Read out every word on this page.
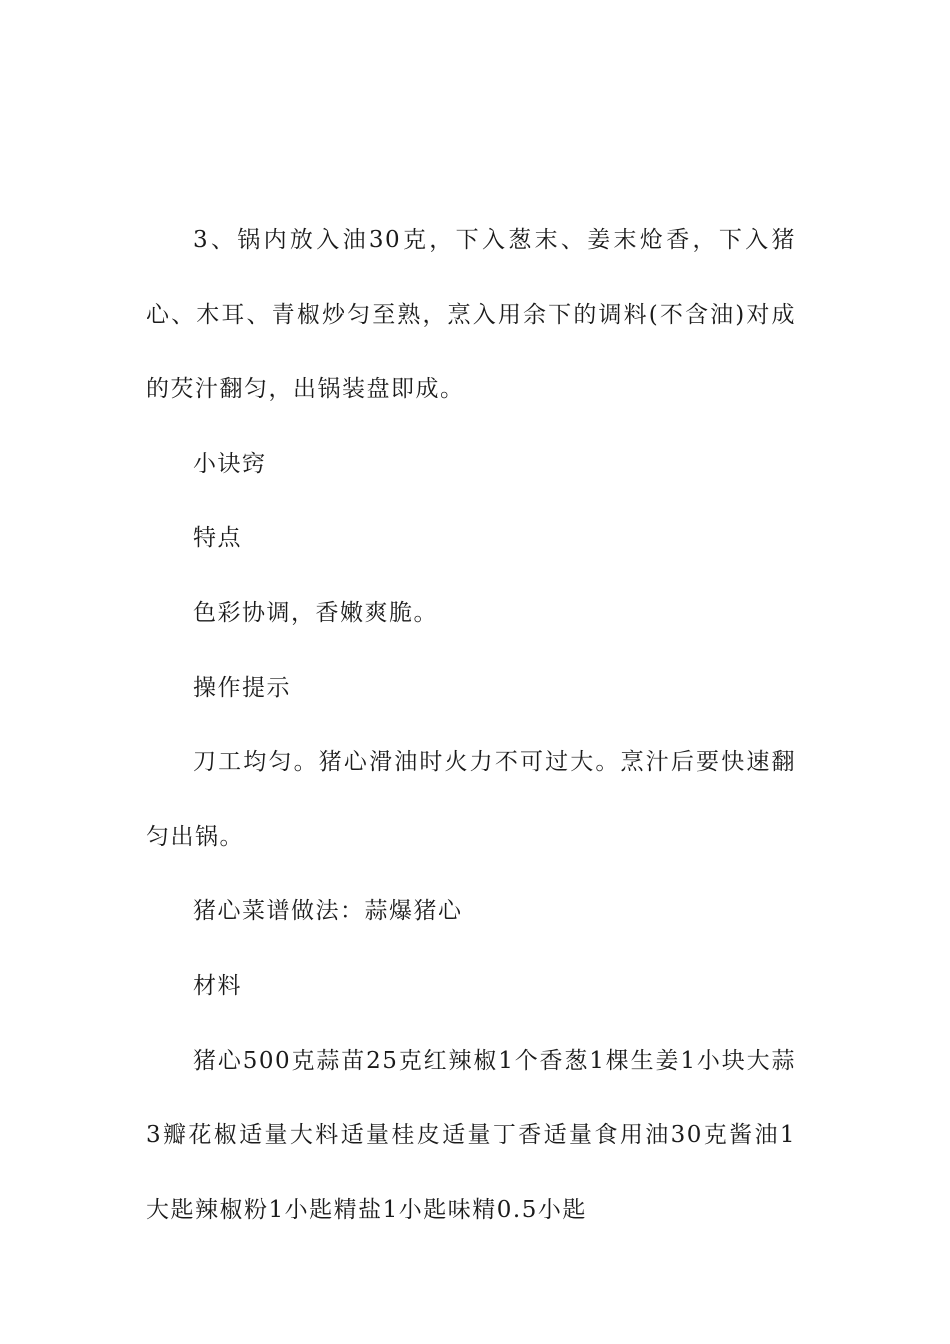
3、锅内放入油30克，下入葱末、姜末炝香，下入猪心、木耳、青椒炒匀至熟，烹入用余下的调料(不含油)对成的芡汁翻匀，出锅装盘即成。

小诀窍

特点

色彩协调，香嫩爽脆。

操作提示

刀工均匀。猪心滑油时火力不可过大。烹汁后要快速翻匀出锅。

猪心菜谱做法：蒜爆猪心

材料

猪心500克蒜苗25克红辣椒1个香葱1棵生姜1小块大蒜3瓣花椒适量大料适量桂皮适量丁香适量食用油30克酱油1大匙辣椒粉1小匙精盐1小匙味精0.5小匙
